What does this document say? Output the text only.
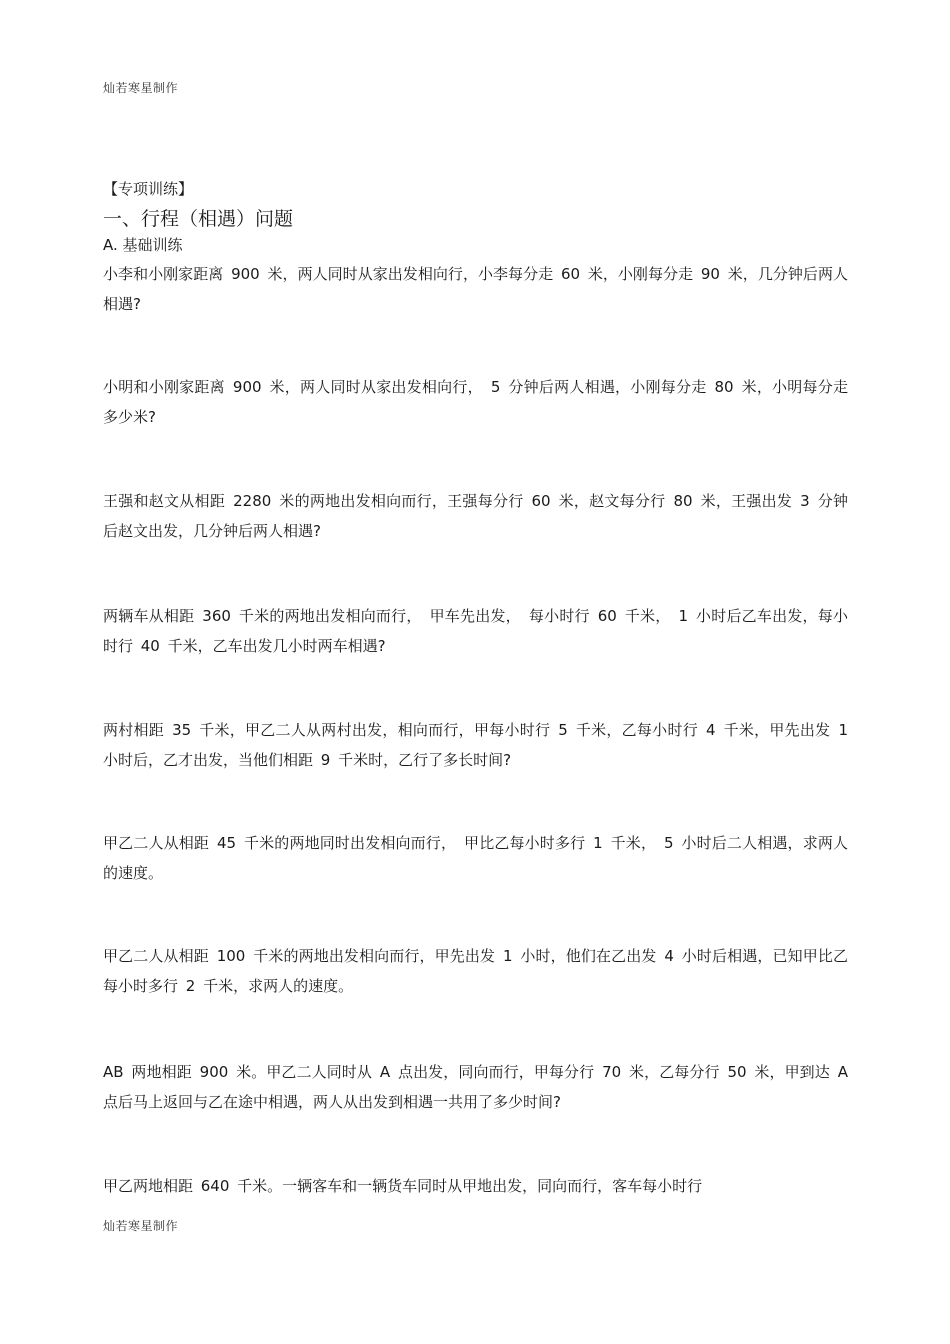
灿若寒星制作
【专项训练】
一、行程（相遇）问题
A. 基础训练
小李和小刚家距离 900 米，两人同时从家出发相向行，小李每分走 60 米，小刚每分走 90 米，几分钟后两人相遇?
小明和小刚家距离 900 米，两人同时从家出发相向行， 5 分钟后两人相遇，小刚每分走 80 米，小明每分走多少米?
王强和赵文从相距 2280 米的两地出发相向而行，王强每分行 60 米，赵文每分行 80 米，王强出发 3 分钟后赵文出发，几分钟后两人相遇?
两辆车从相距 360 千米的两地出发相向而行， 甲车先出发， 每小时行 60 千米， 1 小时后乙车出发，每小时行 40 千米，乙车出发几小时两车相遇?
两村相距 35 千米，甲乙二人从两村出发，相向而行，甲每小时行 5 千米，乙每小时行 4 千米，甲先出发 1 小时后，乙才出发，当他们相距 9 千米时，乙行了多长时间?
甲乙二人从相距 45 千米的两地同时出发相向而行， 甲比乙每小时多行 1 千米， 5 小时后二人相遇，求两人的速度。
甲乙二人从相距 100 千米的两地出发相向而行，甲先出发 1 小时，他们在乙出发 4 小时后相遇，已知甲比乙每小时多行 2 千米，求两人的速度。
AB 两地相距 900 米。甲乙二人同时从 A 点出发，同向而行，甲每分行 70 米，乙每分行 50 米，甲到达 A 点后马上返回与乙在途中相遇，两人从出发到相遇一共用了多少时间?
甲乙两地相距 640 千米。一辆客车和一辆货车同时从甲地出发，同向而行，客车每小时行
灿若寒星制作
